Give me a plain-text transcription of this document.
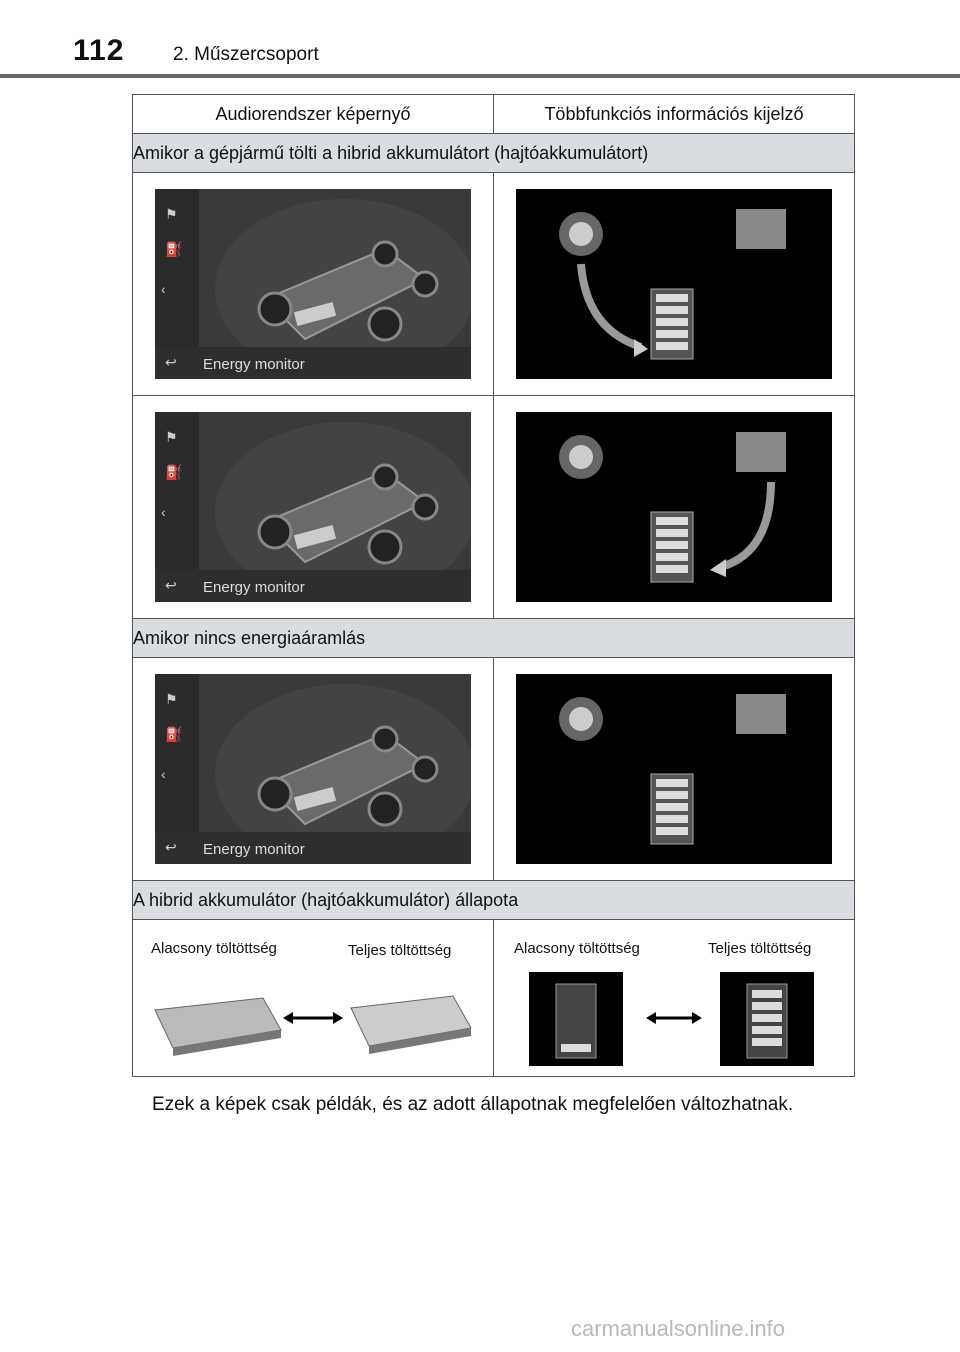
112	2. Műszercsoport
Audiorendszer képernyő	Többfunkciós információs kijelző
Amikor a gépjármű tölti a hibrid akkumulátort (hajtóakkumulátort)	

⚑
⛽
‹
↩ Energy monitor

⚑
⛽
‹
↩ Energy monitor

Amikor nincs energiaáramlás	

⚑
⛽
‹
↩ Energy monitor

A hibrid akkumulátor (hajtóakkumulátor) állapota	

Alacsony töltöttség Teljes töltöttség	Alacsony töltöttség Teljes töltöttség
Ezek a képek csak példák, és az adott állapotnak megfelelően változhatnak.
carmanualsonline.info
